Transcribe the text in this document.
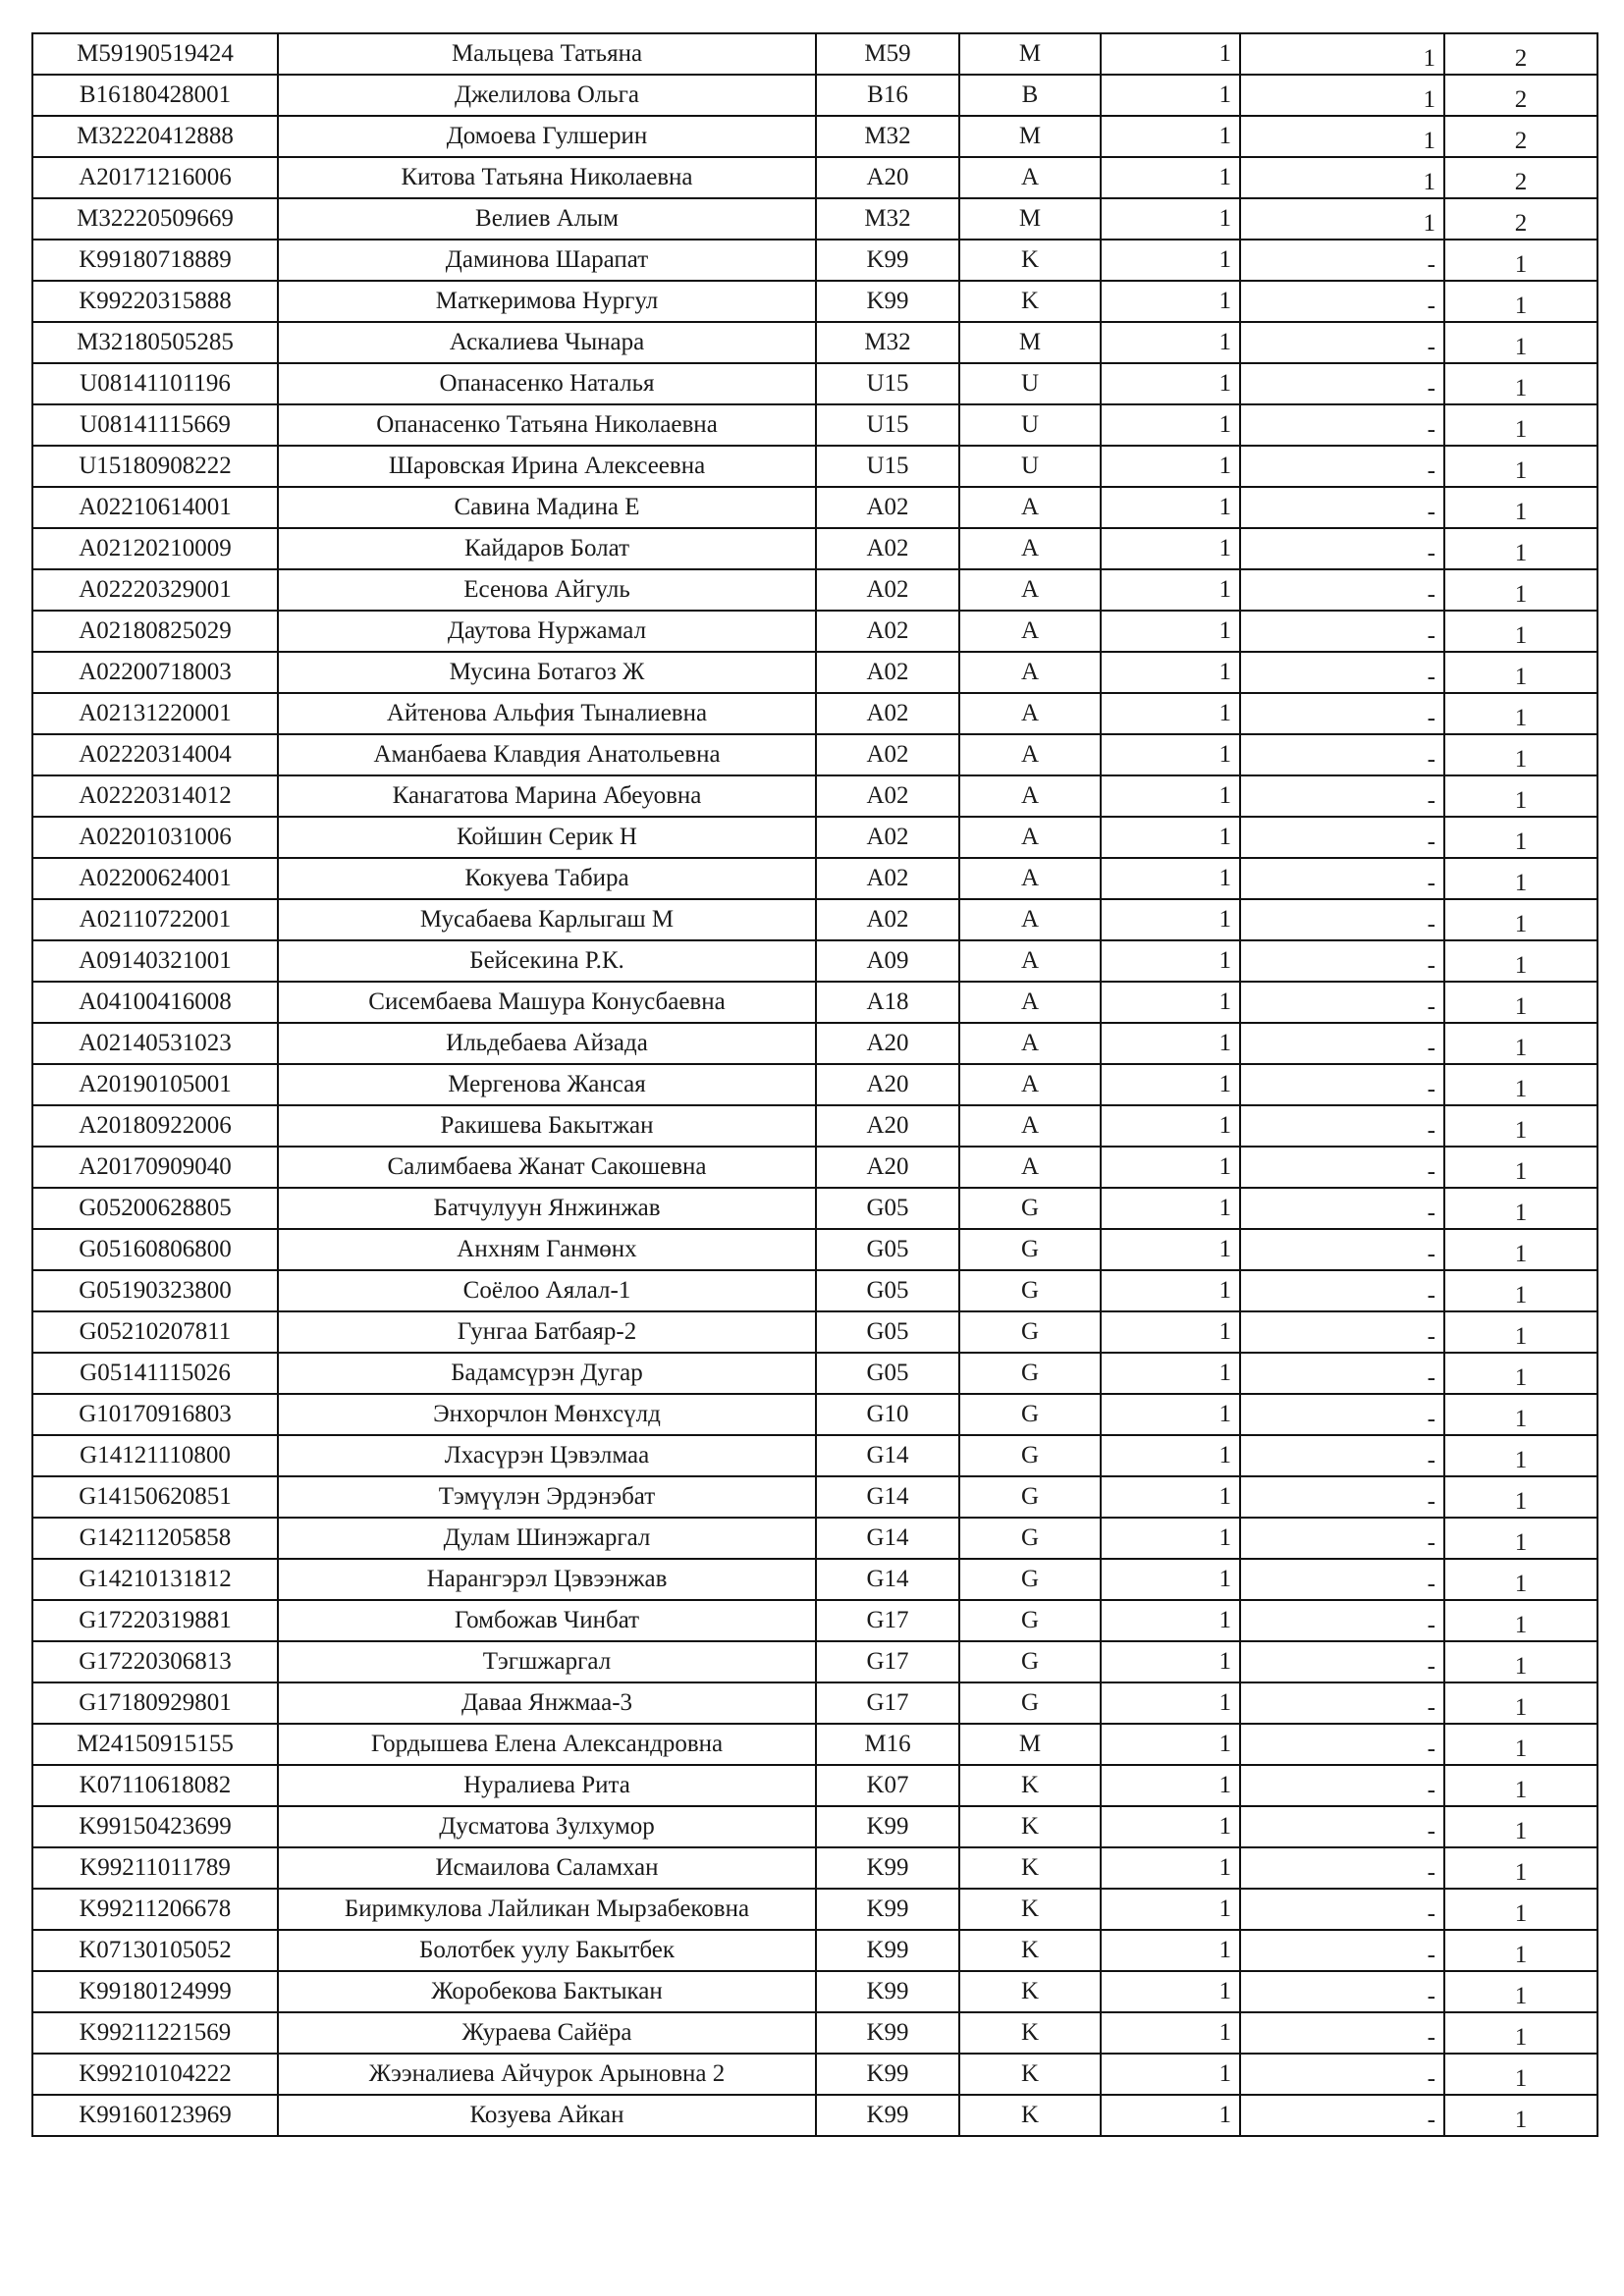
M59190519424	Мальцева Татьяна	M59	M	1	1	2
B16180428001	Джелилова Ольга	B16	B	1	1	2
M32220412888	Домоева Гулшерин	M32	M	1	1	2
A20171216006	Китова Татьяна Николаевна	A20	A	1	1	2
M32220509669	Велиев Алым	M32	M	1	1	2
K99180718889	Даминова Шарапат	K99	K	1	-	1
K99220315888	Маткеримова Нургул	K99	K	1	-	1
M32180505285	Аскалиева Чынара	M32	M	1	-	1
U08141101196	Опанасенко Наталья	U15	U	1	-	1
U08141115669	Опанасенко Татьяна Николаевна	U15	U	1	-	1
U15180908222	Шаровская Ирина Алексеевна	U15	U	1	-	1
A02210614001	Савина Мадина Е	A02	A	1	-	1
A02120210009	Кайдаров Болат	A02	A	1	-	1
A02220329001	Есенова Айгуль	A02	A	1	-	1
A02180825029	Даутова Нуржамал	A02	A	1	-	1
A02200718003	Мусина Ботагоз Ж	A02	A	1	-	1
A02131220001	Айтенова Альфия Тыналиевна	A02	A	1	-	1
A02220314004	Аманбаева Клавдия Анатольевна	A02	A	1	-	1
A02220314012	Канагатова Марина Абеуовна	A02	A	1	-	1
A02201031006	Койшин Серик Н	A02	A	1	-	1
A02200624001	Кокуева Табира	A02	A	1	-	1
A02110722001	Мусабаева Карлыгаш М	A02	A	1	-	1
A09140321001	Бейсекина Р.К.	A09	A	1	-	1
A04100416008	Сисембаева Машура Конусбаевна	A18	A	1	-	1
A02140531023	Ильдебаева Айзада	A20	A	1	-	1
A20190105001	Мергенова Жансая	A20	A	1	-	1
A20180922006	Ракишева Бакытжан	A20	A	1	-	1
A20170909040	Салимбаева Жанат Сакошевна	A20	A	1	-	1
G05200628805	Батчулуун Янжинжав	G05	G	1	-	1
G05160806800	Анхням Ганмөнх	G05	G	1	-	1
G05190323800	Соёлоо Аялал-1	G05	G	1	-	1
G05210207811	Гунгаа Батбаяр-2	G05	G	1	-	1
G05141115026	Бадамсүрэн Дугар	G05	G	1	-	1
G10170916803	Энхорчлон Мөнхсүлд	G10	G	1	-	1
G14121110800	Лхасүрэн Цэвэлмаа	G14	G	1	-	1
G14150620851	Тэмүүлэн Эрдэнэбат	G14	G	1	-	1
G14211205858	Дулам Шинэжаргал	G14	G	1	-	1
G14210131812	Нарангэрэл Цэвээнжав	G14	G	1	-	1
G17220319881	Гомбожав Чинбат	G17	G	1	-	1
G17220306813	Тэгшжаргал	G17	G	1	-	1
G17180929801	Даваа Янжмаа-3	G17	G	1	-	1
M24150915155	Гордышева Елена Александровна	M16	M	1	-	1
K07110618082	Нуралиева Рита	K07	K	1	-	1
K99150423699	Дусматова Зулхумор	K99	K	1	-	1
K99211011789	Исмаилова Саламхан	K99	K	1	-	1
K99211206678	Биримкулова Лайликан Мырзабековна	K99	K	1	-	1
K07130105052	Болотбек уулу Бакытбек	K99	K	1	-	1
K99180124999	Жоробекова Бактыкан	K99	K	1	-	1
K99211221569	Жураева Сайёра	K99	K	1	-	1
K99210104222	Жээналиева Айчурок Арыновна 2	K99	K	1	-	1
K99160123969	Козуева Айкан	K99	K	1	-	1
